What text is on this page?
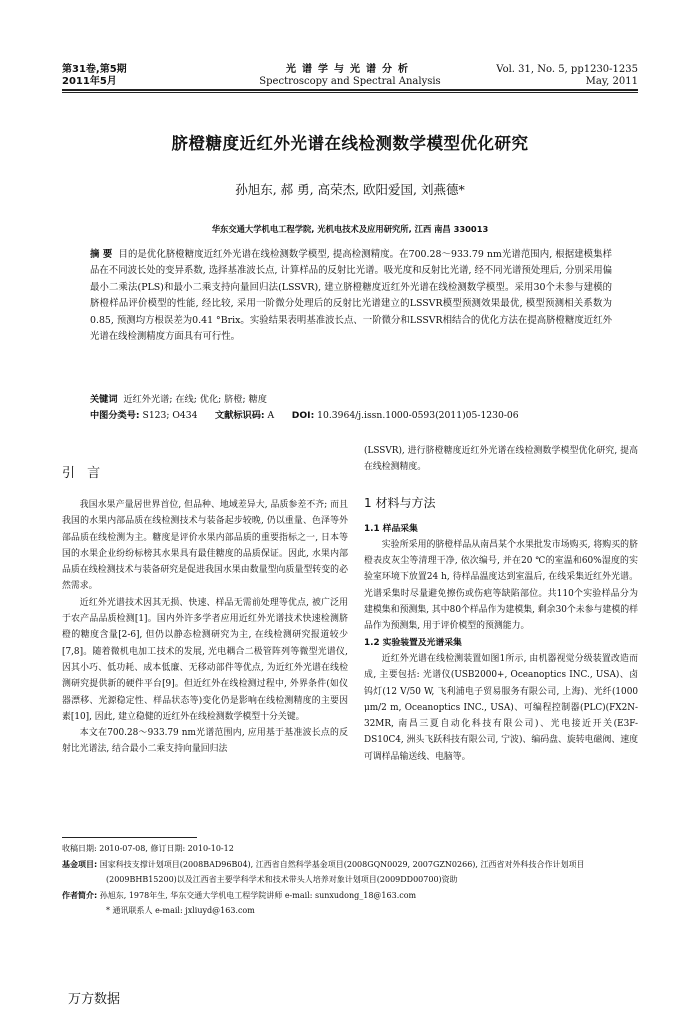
第31卷,第5期
2011年5月
光谱学与光谱分析
Spectroscopy and Spectral Analysis
Vol. 31, No. 5, pp1230-1235
May, 2011
脐橙糖度近红外光谱在线检测数学模型优化研究
孙旭东, 郝 勇, 高荣杰, 欧阳爱国, 刘燕德*
华东交通大学机电工程学院, 光机电技术及应用研究所, 江西 南昌 330013
摘 要 目的是优化脐橙糖度近红外光谱在线检测数学模型, 提高检测精度。在700.28～933.79 nm光谱范围内, 根据建模集样品在不同波长处的变异系数, 选择基准波长点, 计算样品的反射比光谱。吸光度和反射比光谱, 经不同光谱预处理后, 分别采用偏最小二乘法(PLS)和最小二乘支持向量回归法(LSSVR), 建立脐橙糖度近红外光谱在线检测数学模型。采用30个未参与建模的脐橙样品评价模型的性能, 经比较, 采用一阶微分处理后的反射比光谱建立的LSSVR模型预测效果最优, 模型预测相关系数为0.85, 预测均方根误差为0.41 °Brix。实验结果表明基准波长点、一阶微分和LSSVR相结合的优化方法在提高脐橙糖度近红外光谱在线检测精度方面具有可行性。
关键词 近红外光谱; 在线; 优化; 脐橙; 糖度
中图分类号: S123; O434 文献标识码: A DOI: 10.3964/j.issn.1000-0593(2011)05-1230-06
引 言

我国水果产量居世界首位, 但品种、地域差异大, 品质参差不齐; 而且我国的水果内部品质在线检测技术与装备起步较晚, 仍以重量、色泽等外部品质在线检测为主。糖度是评价水果内部品质的重要指标之一, 日本等国的水果企业纷纷标榜其水果具有最佳糖度的品质保证。因此, 水果内部品质在线检测技术与装备研究是促进我国水果由数量型向质量型转变的必然需求。

近红外光谱技术因其无损、快速、样品无需前处理等优点, 被广泛用于农产品品质检测[1]。国内外许多学者应用近红外光谱技术快速检测脐橙的糖度含量[2-6], 但仍以静态检测研究为主, 在线检测研究报道较少[7,8]。随着微机电加工技术的发展, 光电耦合二极管阵列等微型光谱仪, 因其小巧、低功耗、成本低廉、无移动部件等优点, 为近红外光谱在线检测研究提供新的硬件平台[9]。但近红外在线检测过程中, 外界条件(如仪器漂移、光源稳定性、样品状态等)变化仍是影响在线检测精度的主要因素[10], 因此, 建立稳健的近红外在线检测数学模型十分关键。

本文在700.28～933.79 nm光谱范围内, 应用基于基准波长点的反射比光谱法, 结合最小二乘支持向量回归法

(LSSVR), 进行脐橙糖度近红外光谱在线检测数学模型优化研究, 提高在线检测精度。

1 材料与方法
1.1 样品采集

实验所采用的脐橙样品从南昌某个水果批发市场购买, 将购买的脐橙表皮灰尘等清理干净, 依次编号, 并在20 ℃的室温和60%湿度的实验室环境下放置24 h, 待样品温度达到室温后, 在线采集近红外光谱。光谱采集时尽量避免擦伤或伤疤等缺陷部位。共110个实验样品分为建模集和预测集, 其中80个样品作为建模集, 剩余30个未参与建模的样品作为预测集, 用于评价模型的预测能力。

1.2 实验装置及光谱采集

近红外光谱在线检测装置如图1所示, 由机器视觉分级装置改造而成, 主要包括: 光谱仪(USB2000+, Oceanoptics INC., USA)、卤钨灯(12 V/50 W, 飞利浦电子贸易服务有限公司, 上海)、光纤(1000 μm/2 m, Oceanoptics INC., USA)、可编程控制器(PLC)(FX2N-32MR, 南昌三夏自动化科技有限公司)、光电接近开关(E3F-DS10C4, 洲头飞跃科技有限公司, 宁波)、编码盘、旋转电磁阀、速度可调样品输送线、电脑等。

收稿日期: 2010-07-08, 修订日期: 2010-10-12
基金项目: 国家科技支撑计划项目(2008BAD96B04), 江西省自然科学基金项目(2008GQN0029, 2007GZN0266), 江西省对外科技合作计划项目(2009BHB15200)以及江西省主要学科学术和技术带头人培养对象计划项目(2009DD00700)资助
作者简介: 孙旭东, 1978年生, 华东交通大学机电工程学院讲师 e-mail: sunxudong_18@163.com
* 通讯联系人 e-mail: jxliuyd@163.com
万方数据
